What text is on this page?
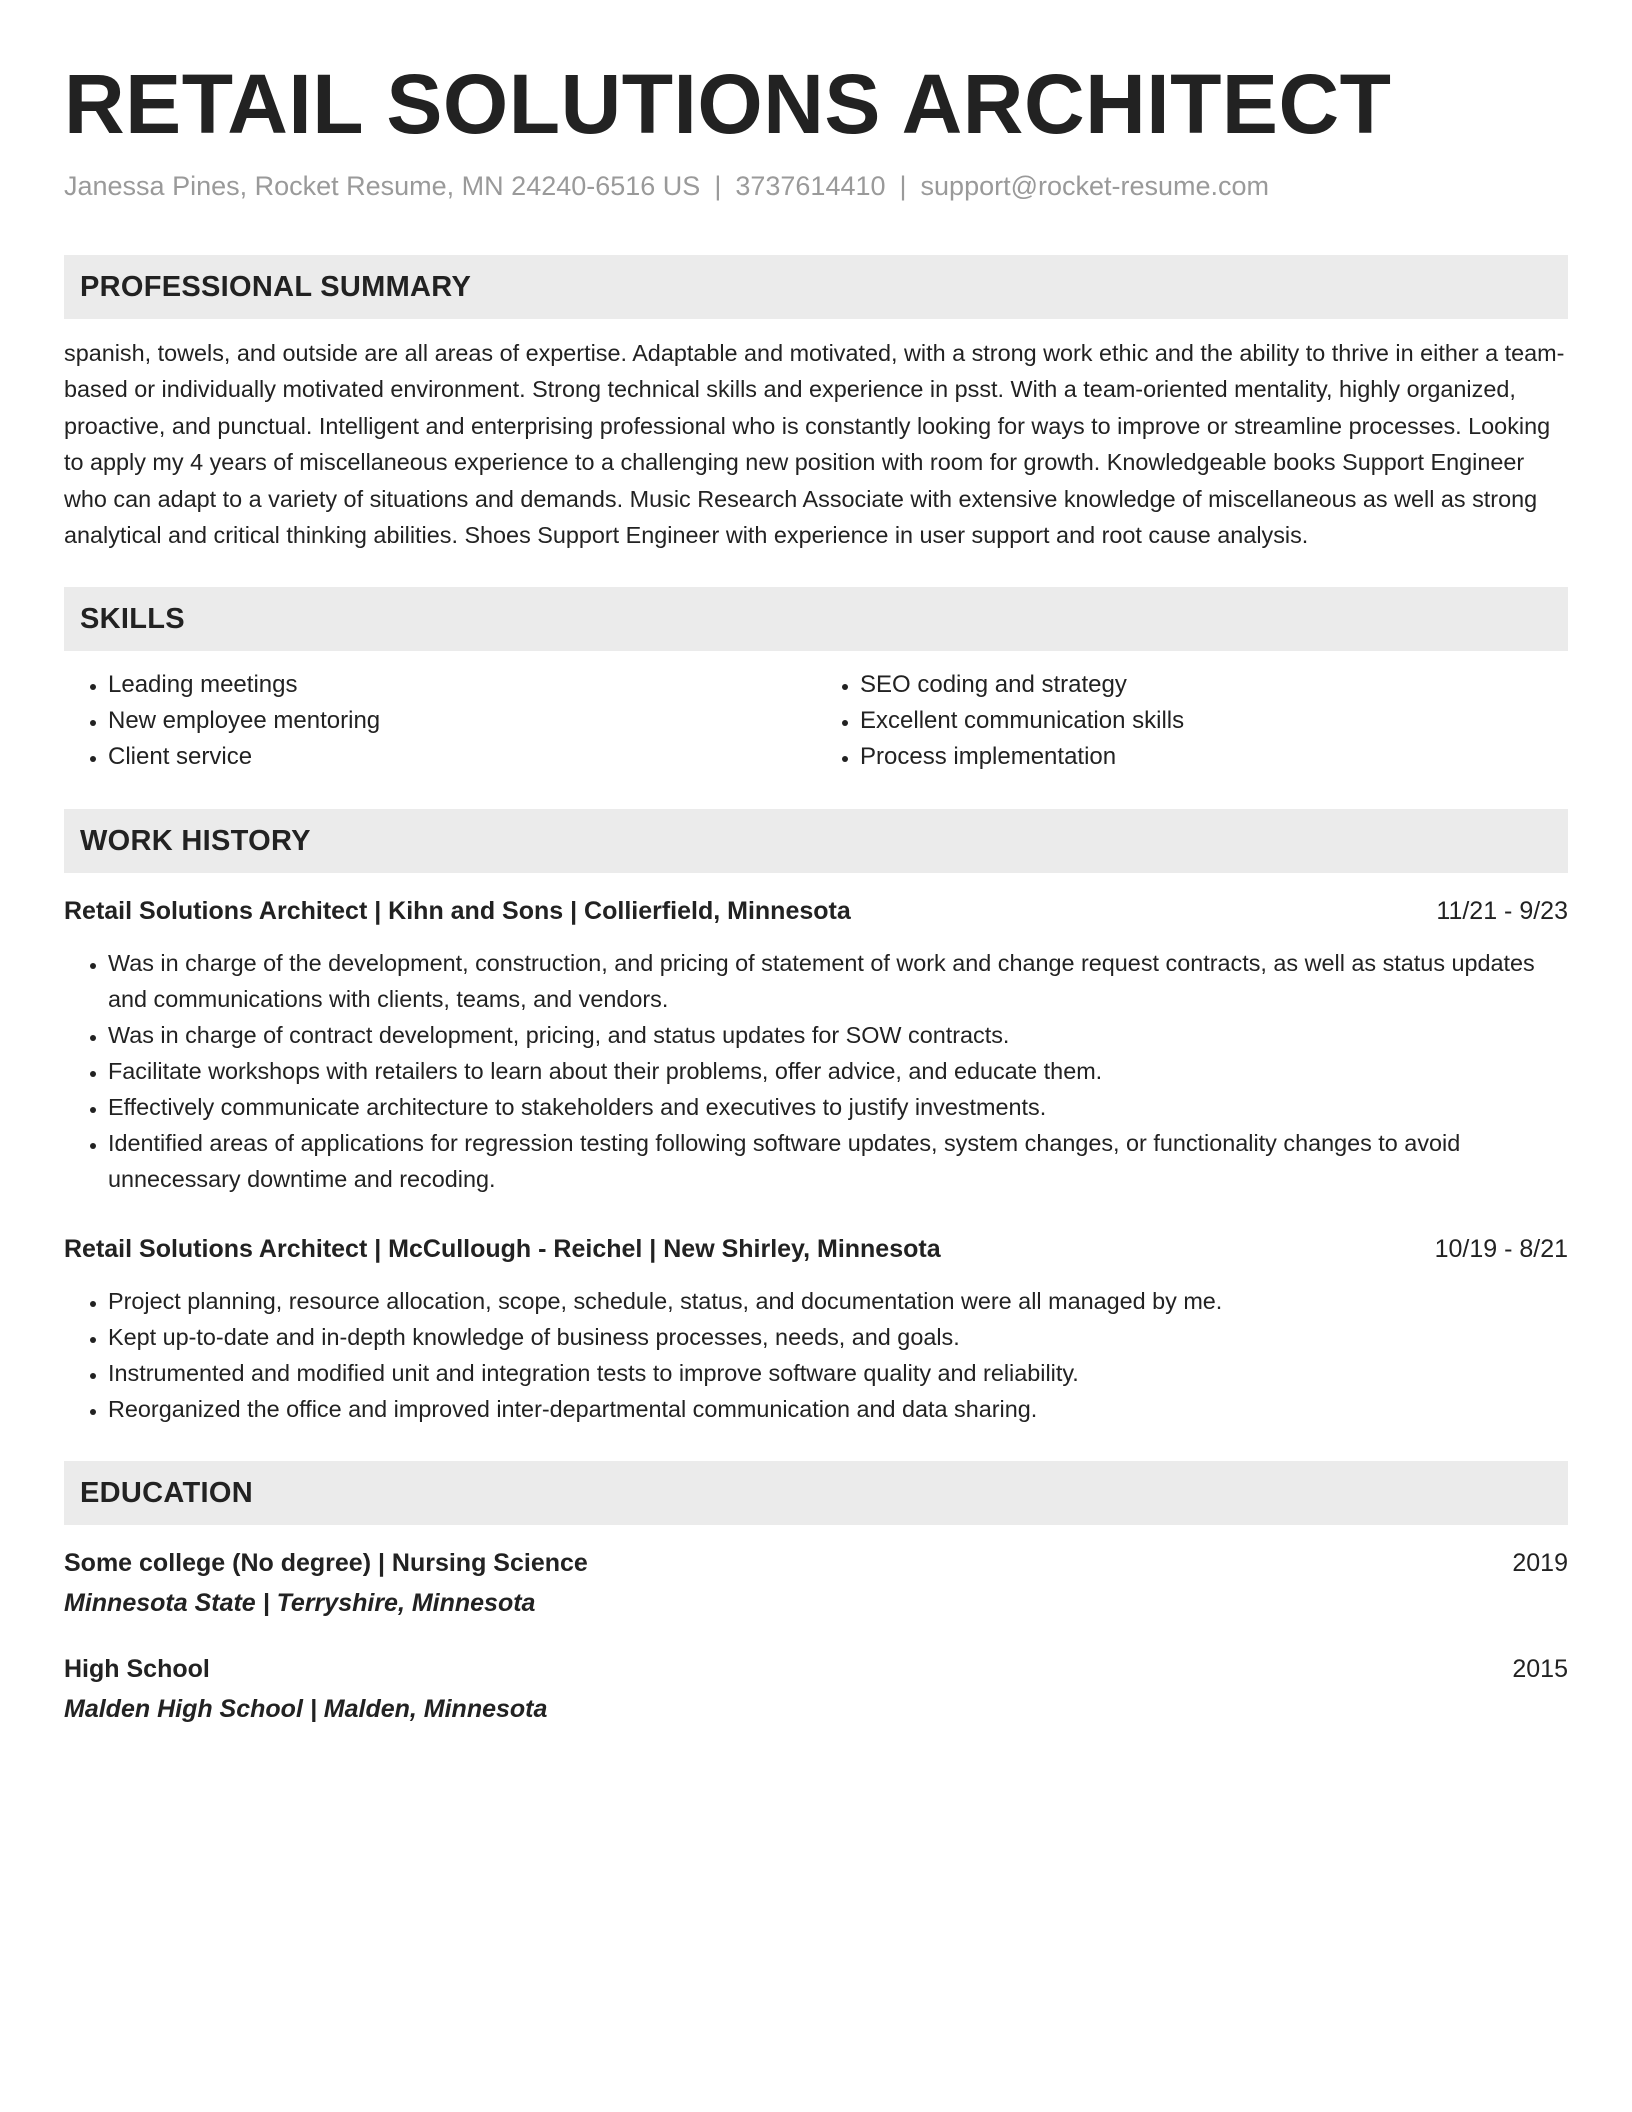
RETAIL SOLUTIONS ARCHITECT
Janessa Pines, Rocket Resume, MN 24240-6516 US | 3737614410 | support@rocket-resume.com
PROFESSIONAL SUMMARY

spanish, towels, and outside are all areas of expertise. Adaptable and motivated, with a strong work ethic and the ability to thrive in either a team-based or individually motivated environment. Strong technical skills and experience in psst. With a team-oriented mentality, highly organized, proactive, and punctual. Intelligent and enterprising professional who is constantly looking for ways to improve or streamline processes. Looking to apply my 4 years of miscellaneous experience to a challenging new position with room for growth. Knowledgeable books Support Engineer who can adapt to a variety of situations and demands. Music Research Associate with extensive knowledge of miscellaneous as well as strong analytical and critical thinking abilities. Shoes Support Engineer with experience in user support and root cause analysis.

SKILLS
• Leading meetings
• New employee mentoring
• Client service
• SEO coding and strategy
• Excellent communication skills
• Process implementation
WORK HISTORY
Retail Solutions Architect | Kihn and Sons | Collierfield, Minnesota	11/21 - 9/23
• Was in charge of the development, construction, and pricing of statement of work and change request contracts, as well as status updates and communications with clients, teams, and vendors.
• Was in charge of contract development, pricing, and status updates for SOW contracts.
• Facilitate workshops with retailers to learn about their problems, offer advice, and educate them.
• Effectively communicate architecture to stakeholders and executives to justify investments.
• Identified areas of applications for regression testing following software updates, system changes, or functionality changes to avoid unnecessary downtime and recoding.
Retail Solutions Architect | McCullough - Reichel | New Shirley, Minnesota	10/19 - 8/21
• Project planning, resource allocation, scope, schedule, status, and documentation were all managed by me.
• Kept up-to-date and in-depth knowledge of business processes, needs, and goals.
• Instrumented and modified unit and integration tests to improve software quality and reliability.
• Reorganized the office and improved inter-departmental communication and data sharing.
EDUCATION
Some college (No degree) | Nursing Science	2019
Minnesota State | Terryshire, Minnesota
High School	2015
Malden High School | Malden, Minnesota
